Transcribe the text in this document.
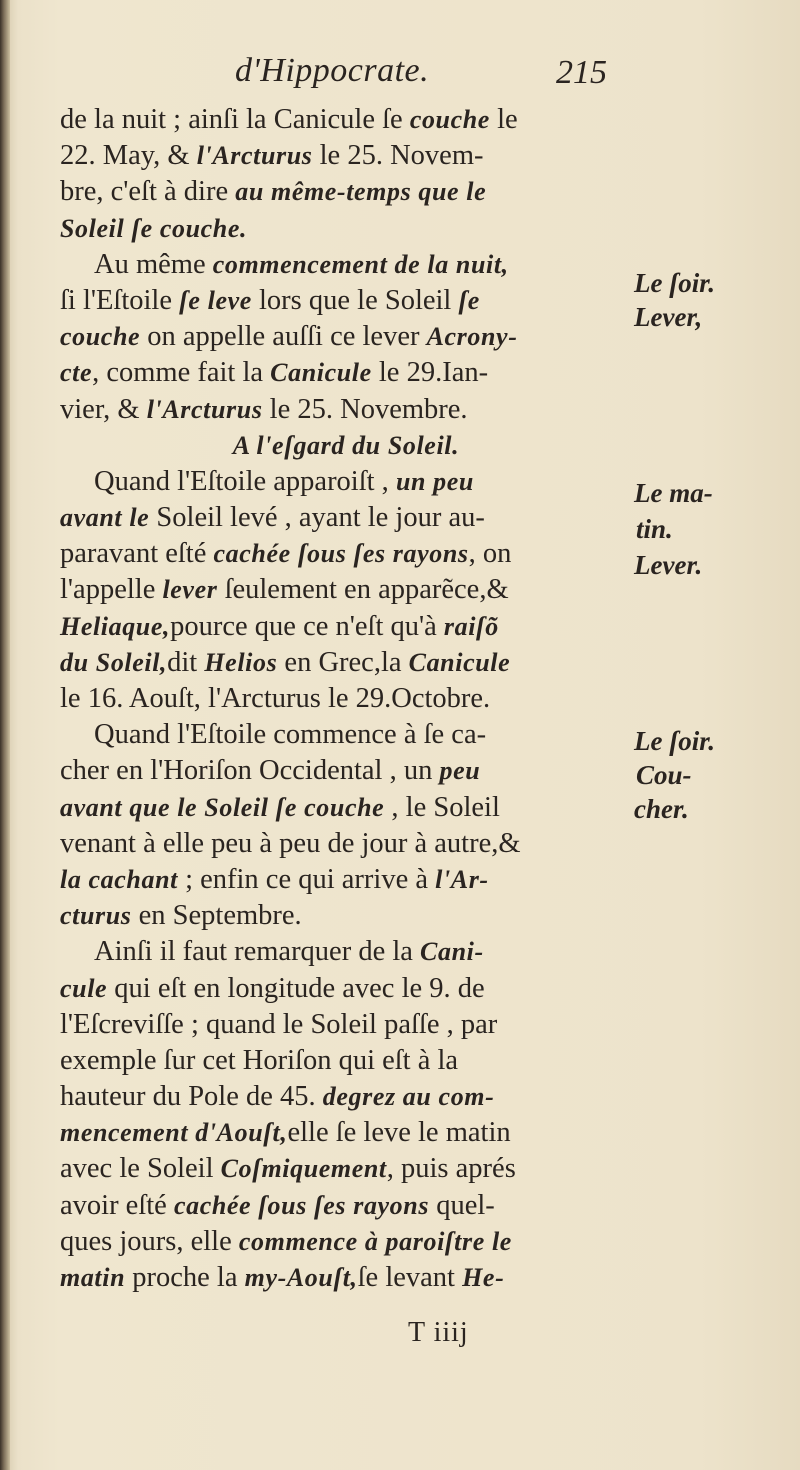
d'Hippocrate.	215
de la nuit ; ainſi la Canicule ſe couche le
22. May, & l'Arcturus le 25. Novem-
bre, c'eſt à dire au même-temps que le
Soleil ſe couche.
Au même commencement de la nuit,
ſi l'Eſtoile ſe leve lors que le Soleil ſe
couche on appelle auſſi ce lever Acrony-
cte, comme fait la Canicule le 29.Ian-
vier, & l'Arcturus le 25. Novembre.
A l'eſgard du Soleil.
Quand l'Eſtoile apparoiſt , un peu
avant le Soleil levé , ayant le jour au-
paravant eſté cachée ſous ſes rayons, on
l'appelle lever ſeulement en apparẽce,&
Heliaque,pource que ce n'eſt qu'à raiſõ
du Soleil,dit Helios en Grec,la Canicule
le 16. Aouſt, l'Arcturus le 29.Octobre.
Quand l'Eſtoile commence à ſe ca-
cher en l'Horiſon Occidental , un peu
avant que le Soleil ſe couche , le Soleil
venant à elle peu à peu de jour à autre,&
la cachant ; enfin ce qui arrive à l'Ar-
cturus en Septembre.
Ainſi il faut remarquer de la Cani-
cule qui eſt en longitude avec le 9. de
l'Eſcreviſſe ; quand le Soleil paſſe , par
exemple ſur cet Horiſon qui eſt à la
hauteur du Pole de 45. degrez au com-
mencement d'Aouſt,elle ſe leve le matin
avec le Soleil Coſmiquement, puis aprés
avoir eſté cachée ſous ſes rayons quel-
ques jours, elle commence à paroiſtre le
matin proche la my-Aouſt,ſe levant He-
Le ſoir.
Lever,
Le ma-
tin.
Lever.
Le ſoir.
Cou-
cher.
T iiij
